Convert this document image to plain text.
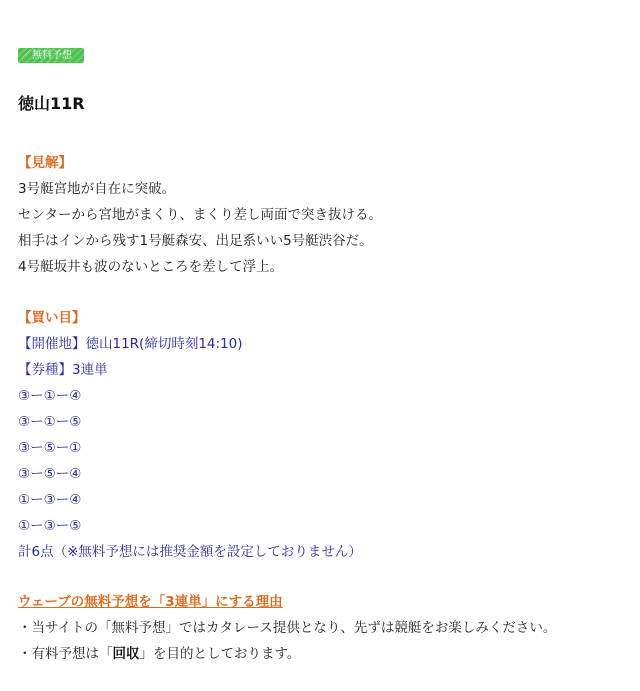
／ 無料予想
徳山11R
【見解】
3号艇宮地が自在に突破。
センターから宮地がまくり、まくり差し両面で突き抜ける。
相手はインから残す1号艇森安、出足系いい5号艇渋谷だ。
4号艇坂井も波のないところを差して浮上。
【買い目】
【開催地】徳山11R(締切時刻14:10)
【券種】3連単
③ー①ー④
③ー①ー⑤
③ー⑤ー①
③ー⑤ー④
①ー③ー④
①ー③ー⑤
計6点（※無料予想には推奨金額を設定しておりません）
ウェーブの無料予想を「3連単」にする理由
・当サイトの「無料予想」ではカタレース提供となり、先ずは競艇をお楽しみください。
・有料予想は「回収」を目的としております。
